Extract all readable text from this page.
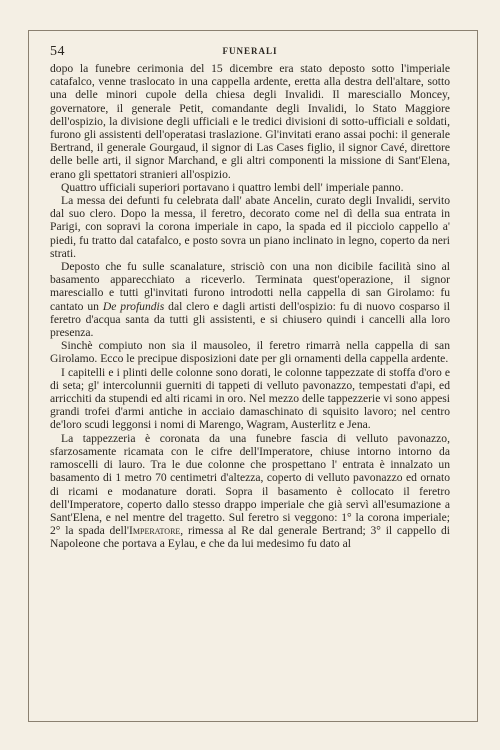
54	FUNERALI

dopo la funebre cerimonia del 15 dicembre era stato deposto sotto l'imperiale catafalco, venne traslocato in una cappella ardente, eretta alla destra dell'altare, sotto una delle minori cupole della chiesa degli Invalidi. Il maresciallo Moncey, governatore, il generale Petit, comandante degli Invalidi, lo Stato Maggiore dell'ospizio, la divisione degli ufficiali e le tredici divisioni di sotto-ufficiali e soldati, furono gli assistenti dell'operatasi traslazione. Gl'invitati erano assai pochi: il generale Bertrand, il generale Gourgaud, il signor di Las Cases figlio, il signor Cavé, direttore delle belle arti, il signor Marchand, e gli altri componenti la missione di Sant'Elena, erano gli spettatori stranieri all'ospizio.

Quattro ufficiali superiori portavano i quattro lembi dell' imperiale panno.

La messa dei defunti fu celebrata dall' abate Ancelin, curato degli Invalidi, servito dal suo clero. Dopo la messa, il feretro, decorato come nel dì della sua entrata in Parigi, con sopravi la corona imperiale in capo, la spada ed il picciolo cappello a' piedi, fu tratto dal catafalco, e posto sovra un piano inclinato in legno, coperto da neri strati.

Deposto che fu sulle scanalature, strisciò con una non dicibile facilità sino al basamento apparecchiato a riceverlo. Terminata quest'operazione, il signor maresciallo e tutti gl'invitati furono introdotti nella cappella di san Girolamo: fu cantato un De profundis dal clero e dagli artisti dell'ospizio: fu di nuovo cosparso il feretro d'acqua santa da tutti gli assistenti, e si chiusero quindi i cancelli alla loro presenza.

Sinchè compiuto non sia il mausoleo, il feretro rimarrà nella cappella di san Girolamo. Ecco le precipue disposizioni date per gli ornamenti della cappella ardente.

I capitelli e i plinti delle colonne sono dorati, le colonne tappezzate di stoffa d'oro e di seta; gl' intercolunnii guerniti di tappeti di velluto pavonazzo, tempestati d'api, ed arricchiti da stupendi ed alti ricami in oro. Nel mezzo delle tappezzerie vi sono appesi grandi trofei d'armi antiche in acciaio damaschinato di squisito lavoro; nel centro de'loro scudi leggonsi i nomi di Marengo, Wagram, Austerlitz e Jena.

La tappezzeria è coronata da una funebre fascia di velluto pavonazzo, sfarzosamente ricamata con le cifre dell'Imperatore, chiuse intorno intorno da ramoscelli di lauro. Tra le due colonne che prospettano l' entrata è innalzato un basamento di 1 metro 70 centimetri d'altezza, coperto di velluto pavonazzo ed ornato di ricami e modanature dorati. Sopra il basamento è collocato il feretro dell'Imperatore, coperto dallo stesso drappo imperiale che già servì all'esumazione a Sant'Elena, e nel mentre del tragetto. Sul feretro si veggono: 1° la corona imperiale; 2° la spada dell'Imperatore, rimessa al Re dal generale Bertrand; 3° il cappello di Napoleone che portava a Eylau, e che da lui medesimo fu dato al
